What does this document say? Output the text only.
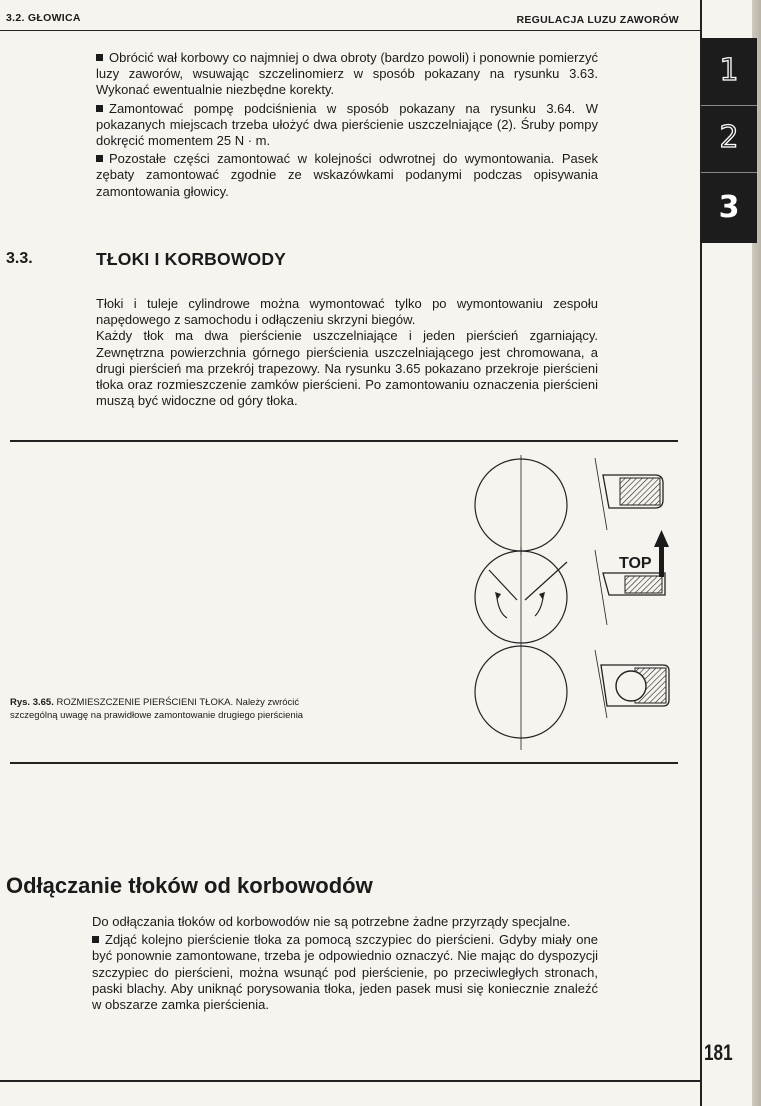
3.2. GŁOWICA	REGULACJA LUZU ZAWORÓW
1
2
3

Obrócić wał korbowy co najmniej o dwa obroty (bardzo powoli) i ponownie pomierzyć luzy zaworów, wsuwając szczelinomierz w sposób pokazany na rysunku 3.63. Wykonać ewentualnie niezbędne korekty.

Zamontować pompę podciśnienia w sposób pokazany na rysunku 3.64. W pokazanych miejscach trzeba ułożyć dwa pierścienie uszczelniające (2). Śruby pompy dokręcić momentem 25 N · m.

Pozostałe części zamontować w kolejności odwrotnej do wymontowania. Pasek zębaty zamontować zgodnie ze wskazówkami podanymi podczas opisywania zamontowania głowicy.

3.3.	TŁOKI I KORBOWODY

Tłoki i tuleje cylindrowe można wymontować tylko po wymontowaniu zespołu napędowego z samochodu i odłączeniu skrzyni biegów.

Każdy tłok ma dwa pierścienie uszczelniające i jeden pierścień zgarniający. Zewnętrzna powierzchnia górnego pierścienia uszczelniającego jest chromowana, a drugi pierścień ma przekrój trapezowy. Na rysunku 3.65 pokazano przekroje pierścieni tłoka oraz rozmieszczenie zamków pierścieni. Po zamontowaniu oznaczenia pierścieni muszą być widoczne od góry tłoka.

Rys. 3.65. ROZMIESZCZENIE PIERŚCIENI TŁOKA. Należy zwrócić szczególną uwagę na prawidłowe zamontowanie drugiego pierścienia
TOP
Odłączanie tłoków od korbowodów

Do odłączania tłoków od korbowodów nie są potrzebne żadne przyrządy specjalne.

Zdjąć kolejno pierścienie tłoka za pomocą szczypiec do pierścieni. Gdyby miały one być ponownie zamontowane, trzeba je odpowiednio oznaczyć. Nie mając do dyspozycji szczypiec do pierścieni, można wsunąć pod pierścienie, po przeciwległych stronach, paski blachy. Aby uniknąć porysowania tłoka, jeden pasek musi się koniecznie znaleźć w obszarze zamka pierścienia.

181
